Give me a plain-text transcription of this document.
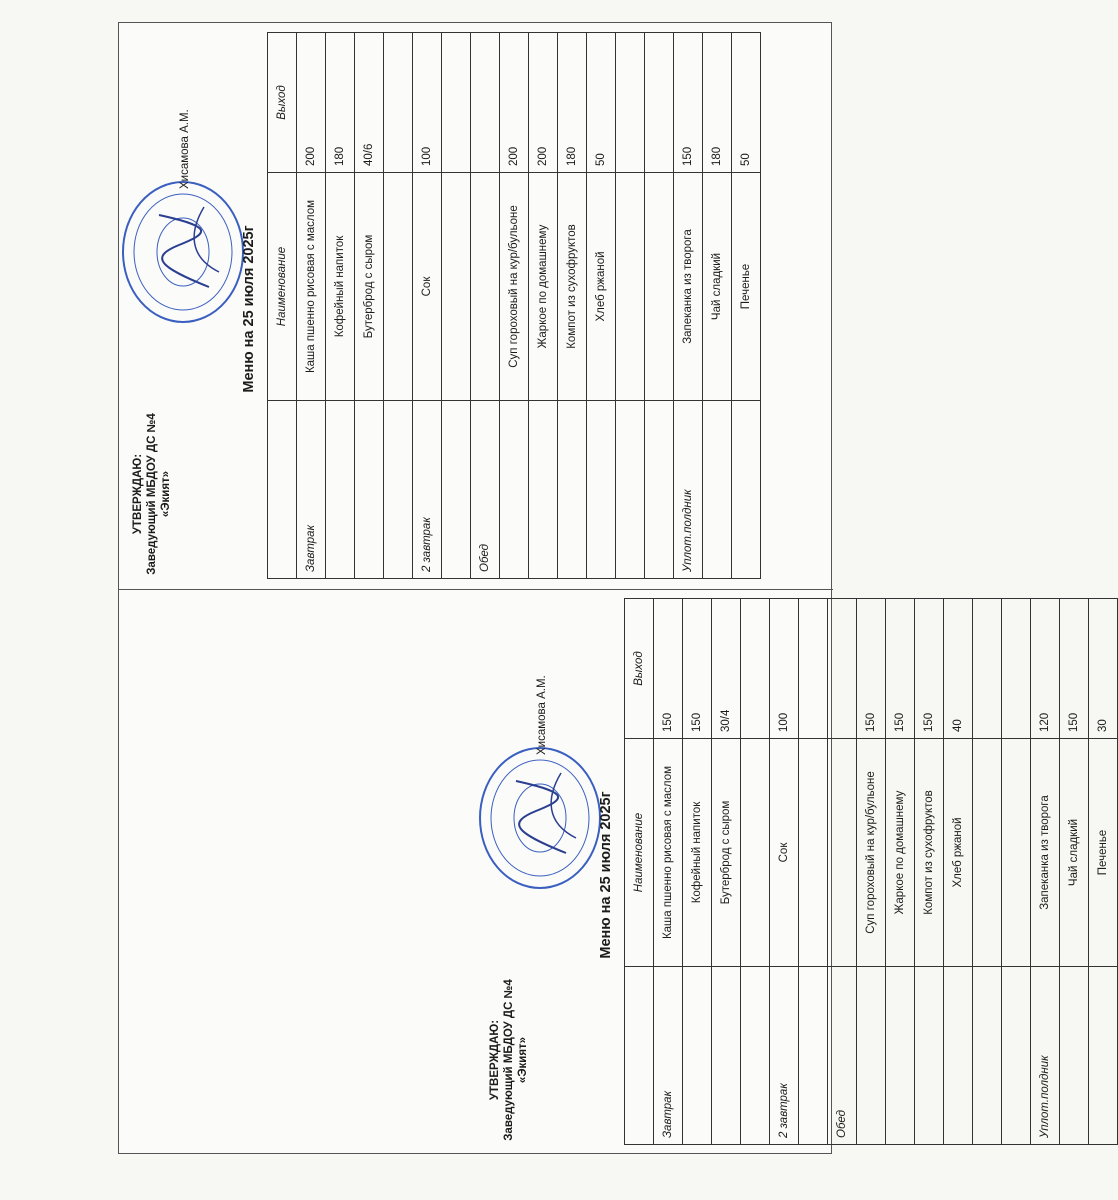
УТВЕРЖДАЮ: Заведующий МБДОУ ДС №4 «Экият»
Хисамова А.М.
Меню на 25 июля 2025г
	Наименование	Выход
Завтрак	Каша пшенно рисовая с маслом	200
	Кофейный напиток	180
	Бутерброд с сыром	40/6

2 завтрак	Сок	100

Обед		
	Суп гороховый на кур/бульоне	200
	Жаркое по домашнему	200
	Компот из сухофруктов	180
	Хлеб ржаной	50

Уплот.полдник	Запеканка из творога	150
	Чай сладкий	180
	Печенье	50
УТВЕРЖДАЮ: Заведующий МБДОУ ДС №4 «Экият»
Хисамова А.М.
Меню на 25 июля 2025г
	Наименование	Выход
Завтрак	Каша пшенно рисовая с маслом	150
	Кофейный напиток	150
	Бутерброд с сыром	30/4

2 завтрак	Сок	100

Обед		
	Суп гороховый на кур/бульоне	150
	Жаркое по домашнему	150
	Компот из сухофруктов	150
	Хлеб ржаной	40

Уплот.полдник	Запеканка из творога	120
	Чай сладкий	150
	Печенье	30
